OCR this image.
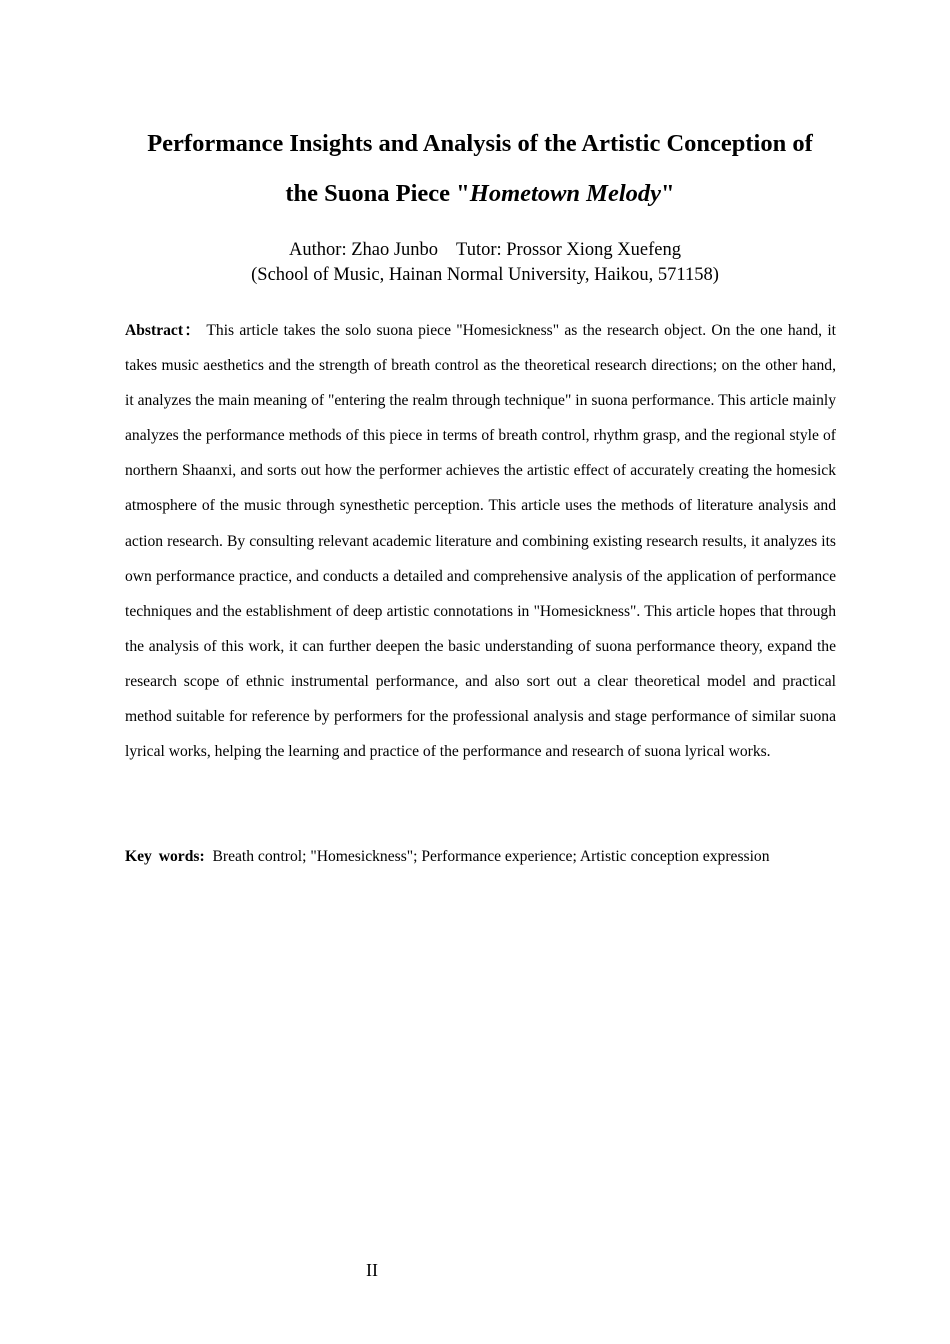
Performance Insights and Analysis of the Artistic Conception of
the Suona Piece "Hometown Melody"
Author: Zhao Junbo Tutor: Prossor Xiong Xuefeng
(School of Music, Hainan Normal University, Haikou, 571158)

Abstract： This article takes the solo suona piece "Homesickness" as the research object. On the one hand, it takes music aesthetics and the strength of breath control as the theoretical research directions; on the other hand, it analyzes the main meaning of "entering the realm through technique" in suona performance. This article mainly analyzes the performance methods of this piece in terms of breath control, rhythm grasp, and the regional style of northern Shaanxi, and sorts out how the performer achieves the artistic effect of accurately creating the homesick atmosphere of the music through synesthetic perception. This article uses the methods of literature analysis and action research. By consulting relevant academic literature and combining existing research results, it analyzes its own performance practice, and conducts a detailed and comprehensive analysis of the application of performance techniques and the establishment of deep artistic connotations in "Homesickness". This article hopes that through the analysis of this work, it can further deepen the basic understanding of suona performance theory, expand the research scope of ethnic instrumental performance, and also sort out a clear theoretical model and practical method suitable for reference by performers for the professional analysis and stage performance of similar suona lyrical works, helping the learning and practice of the performance and research of suona lyrical works.

Key words: Breath control; "Homesickness"; Performance experience; Artistic conception expression

II
